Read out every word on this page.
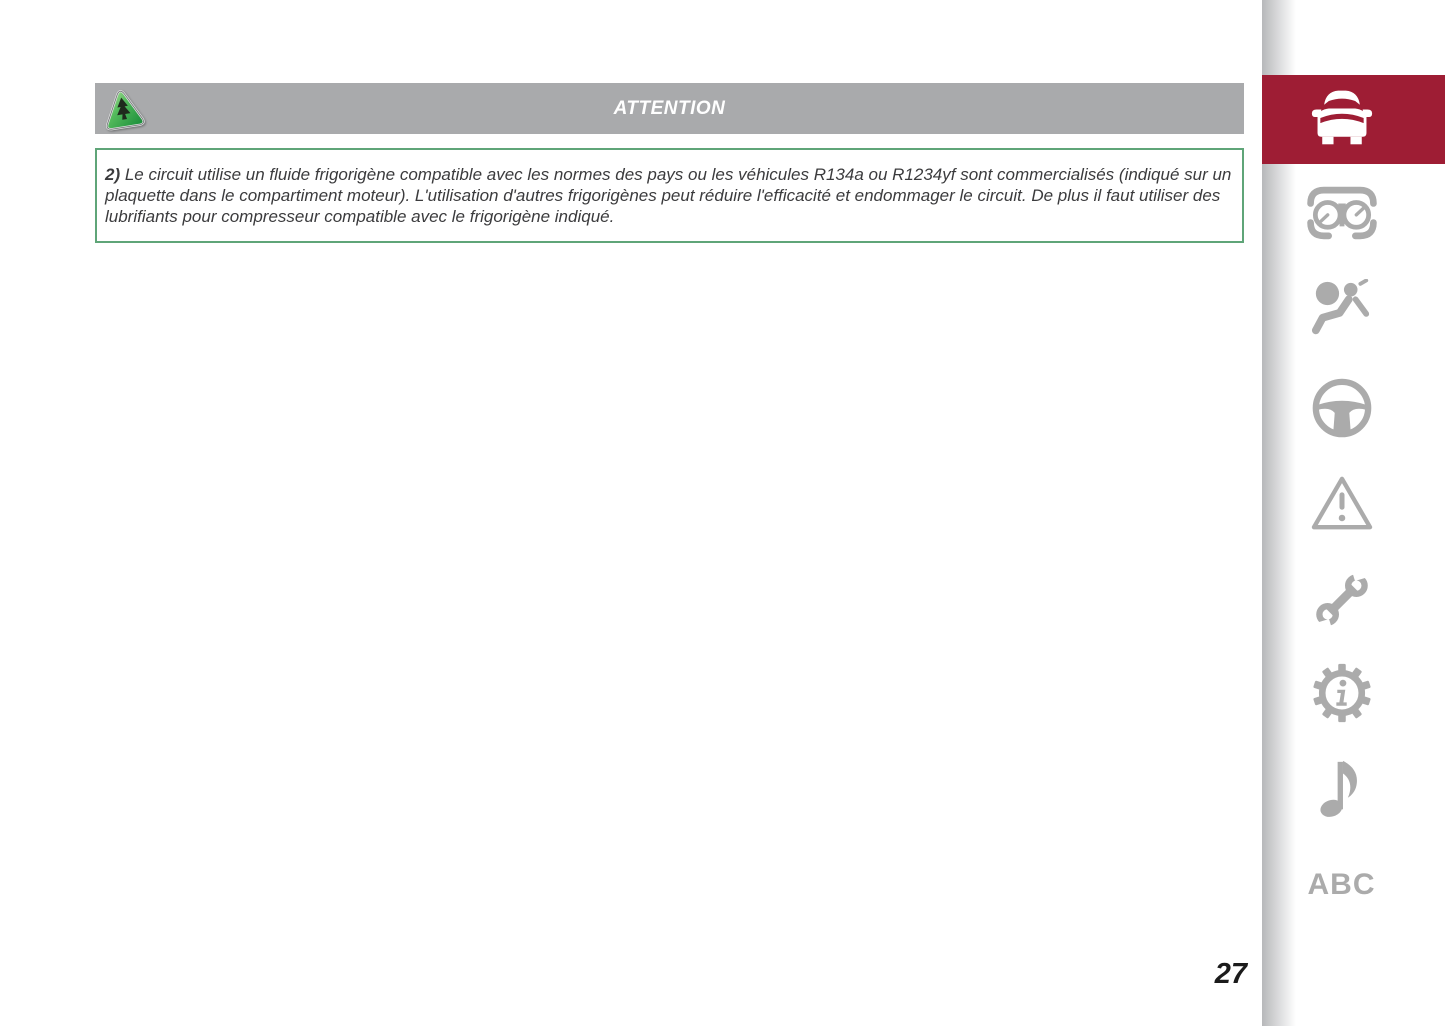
ATTENTION
2) Le circuit utilise un fluide frigorigène compatible avec les normes des pays ou les véhicules R134a ou R1234yf sont commercialisés (indiqué sur un plaquette dans le compartiment moteur). L'utilisation d'autres frigorigènes peut réduire l'efficacité et endommager le circuit. De plus il faut utiliser des lubrifiants pour compresseur compatible avec le frigorigène indiqué.
27
ABC
